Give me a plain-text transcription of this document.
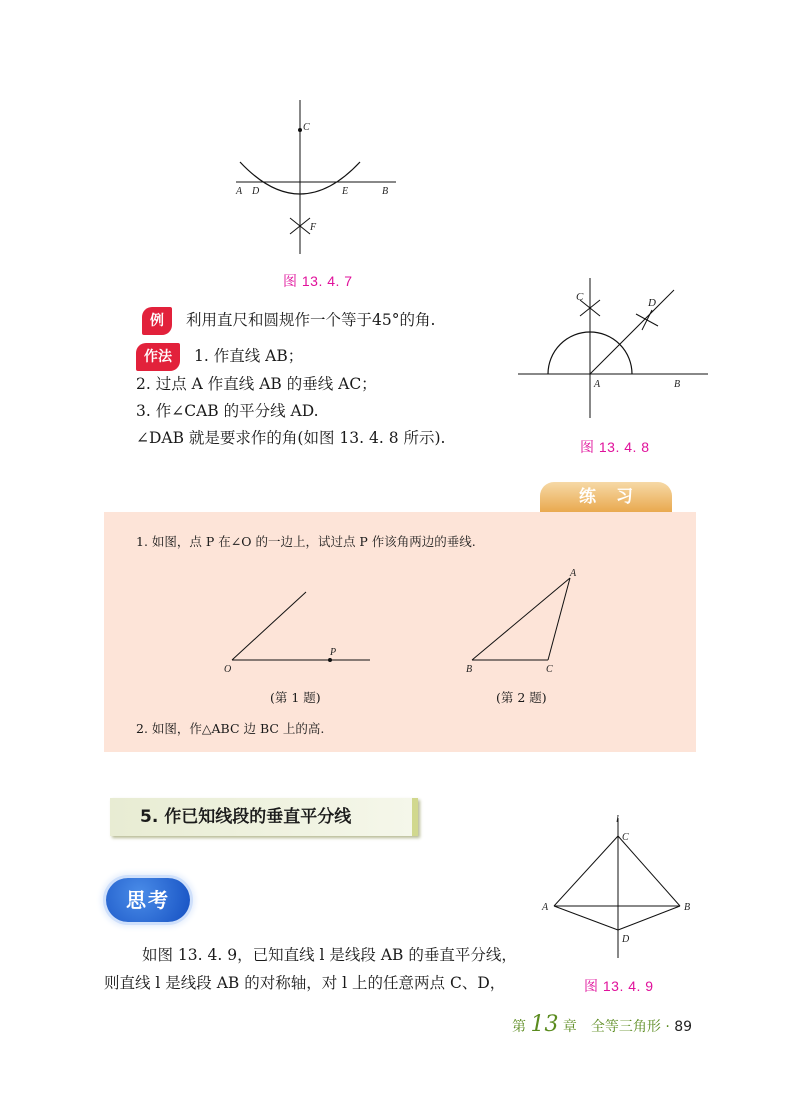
C
A D	E	B
F
图 13. 4. 7
例 利用直尺和圆规作一个等于45°的角.
作法 1. 作直线 AB；
2. 过点 A 作直线 AB 的垂线 AC；
3. 作∠CAB 的平分线 AD.
∠DAB 就是要求作的角(如图 13. 4. 8 所示).
C	D
A	B
图 13. 4. 8
练习
1. 如图，点 P 在∠O 的一边上，试过点 P 作该角两边的垂线.
O
P
(第 1 题)
A
B	C
(第 2 题)
2. 如图，作△ABC 边 BC 上的高.
5. 作已知线段的垂直平分线
思考
l
C
A	B
D
图 13. 4. 9
如图 13. 4. 9，已知直线 l 是线段 AB 的垂直平分线，
则直线 l 是线段 AB 的对称轴，对 l 上的任意两点 C、D，
第 13 章　全等三角形 · 89
